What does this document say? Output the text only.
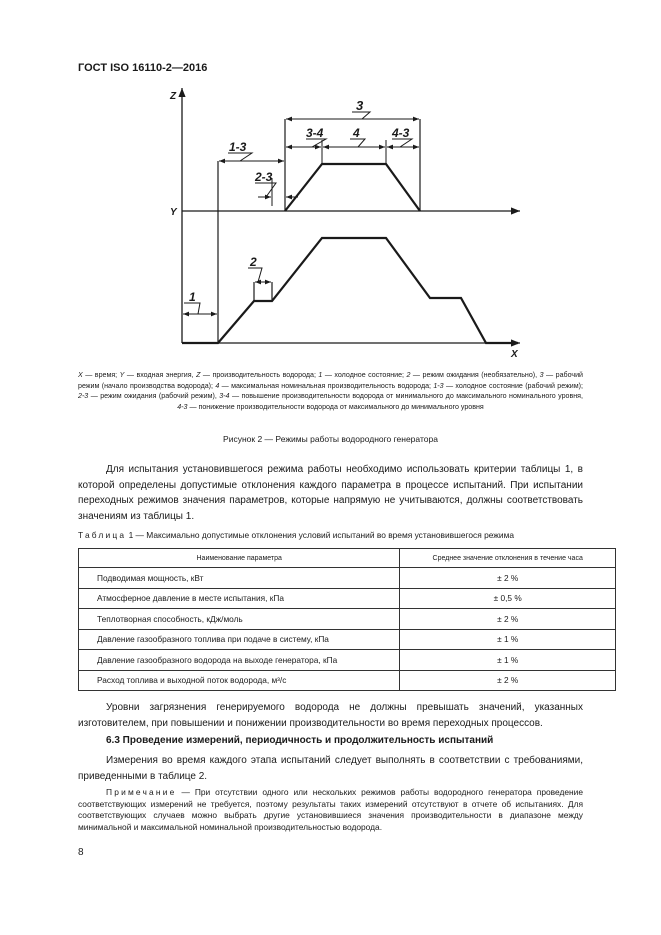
ГОСТ ISO 16110-2—2016
Z
Y
X
3
3-4 4	4-3
1-3
2-3
2
1
X — время; Y — входная энергия, Z — производительность водорода; 1 — холодное состояние; 2 — режим ожидания (необязательно), 3 — рабочий режим (начало производства водорода); 4 — максимальная номинальная производительность водорода; 1-3 — холодное состояние (рабочий режим); 2-3 — режим ожидания (рабочий режим), 3-4 — повышение производительности водорода от минимального до максимального номинального уровня, 4-3 — понижение производительности водорода от максимального до минимального уровня
Рисунок 2 — Режимы работы водородного генератора
Для испытания установившегося режима работы необходимо использовать критерии таблицы 1, в которой определены допустимые отклонения каждого параметра в процессе испытаний. При испытании переходных режимов значения параметров, которые напрямую не учитываются, должны соответствовать значениям из таблицы 1.
Таблица 1 — Максимально допустимые отклонения условий испытаний во время установившегося режима
Наименование параметра	Среднее значение отклонения в течение часа
Подводимая мощность, кВт	± 2 %
Атмосферное давление в месте испытания, кПа	± 0,5 %
Теплотворная способность, кДж/моль	± 2 %
Давление газообразного топлива при подаче в систему, кПа	± 1 %
Давление газообразного водорода на выходе генератора, кПа	± 1 %
Расход топлива и выходной поток водорода, м³/с	± 2 %
Уровни загрязнения генерируемого водорода не должны превышать значений, указанных изготовителем, при повышении и понижении производительности во время переходных процессов.
6.3 Проведение измерений, периодичность и продолжительность испытаний
Измерения во время каждого этапа испытаний следует выполнять в соответствии с требованиями, приведенными в таблице 2.
Примечание — При отсутствии одного или нескольких режимов работы водородного генератора проведение соответствующих измерений не требуется, поэтому результаты таких измерений отсутствуют в отчете об испытаниях. Для соответствующих случаев можно выбрать другие установившиеся значения производительности в диапазоне между минимальной и максимальной номинальной производительностью водорода.
8
